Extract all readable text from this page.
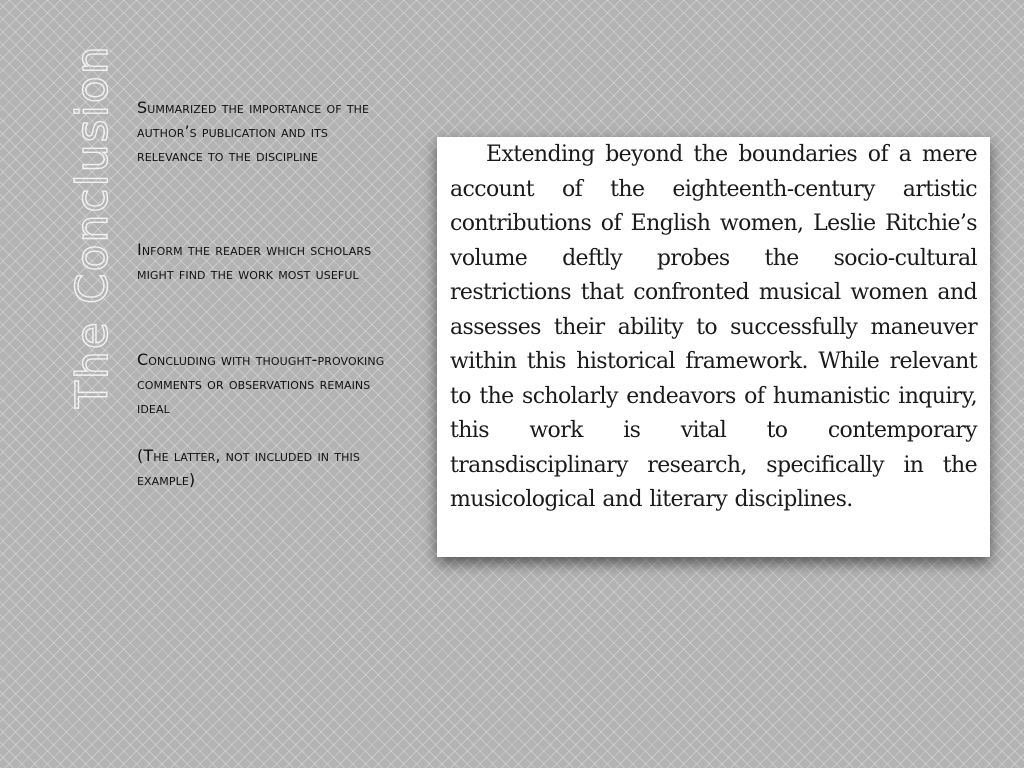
The Conclusion Summarized the importance of the author’s publication and its relevance to the discipline

Inform the reader which scholars might find the work most useful

Concluding with thought-provoking comments or observations remains ideal

(The latter, not included in this example)

Extending beyond the boundaries of a mere account of the eighteenth-century artistic contributions of English women, Leslie Ritchie’s volume deftly probes the socio-cultural restrictions that confronted musical women and assesses their ability to successfully maneuver within this historical framework. While relevant to the scholarly endeavors of humanistic inquiry, this work is vital to contemporary transdisciplinary research, specifically in the musicological and literary disciplines.
